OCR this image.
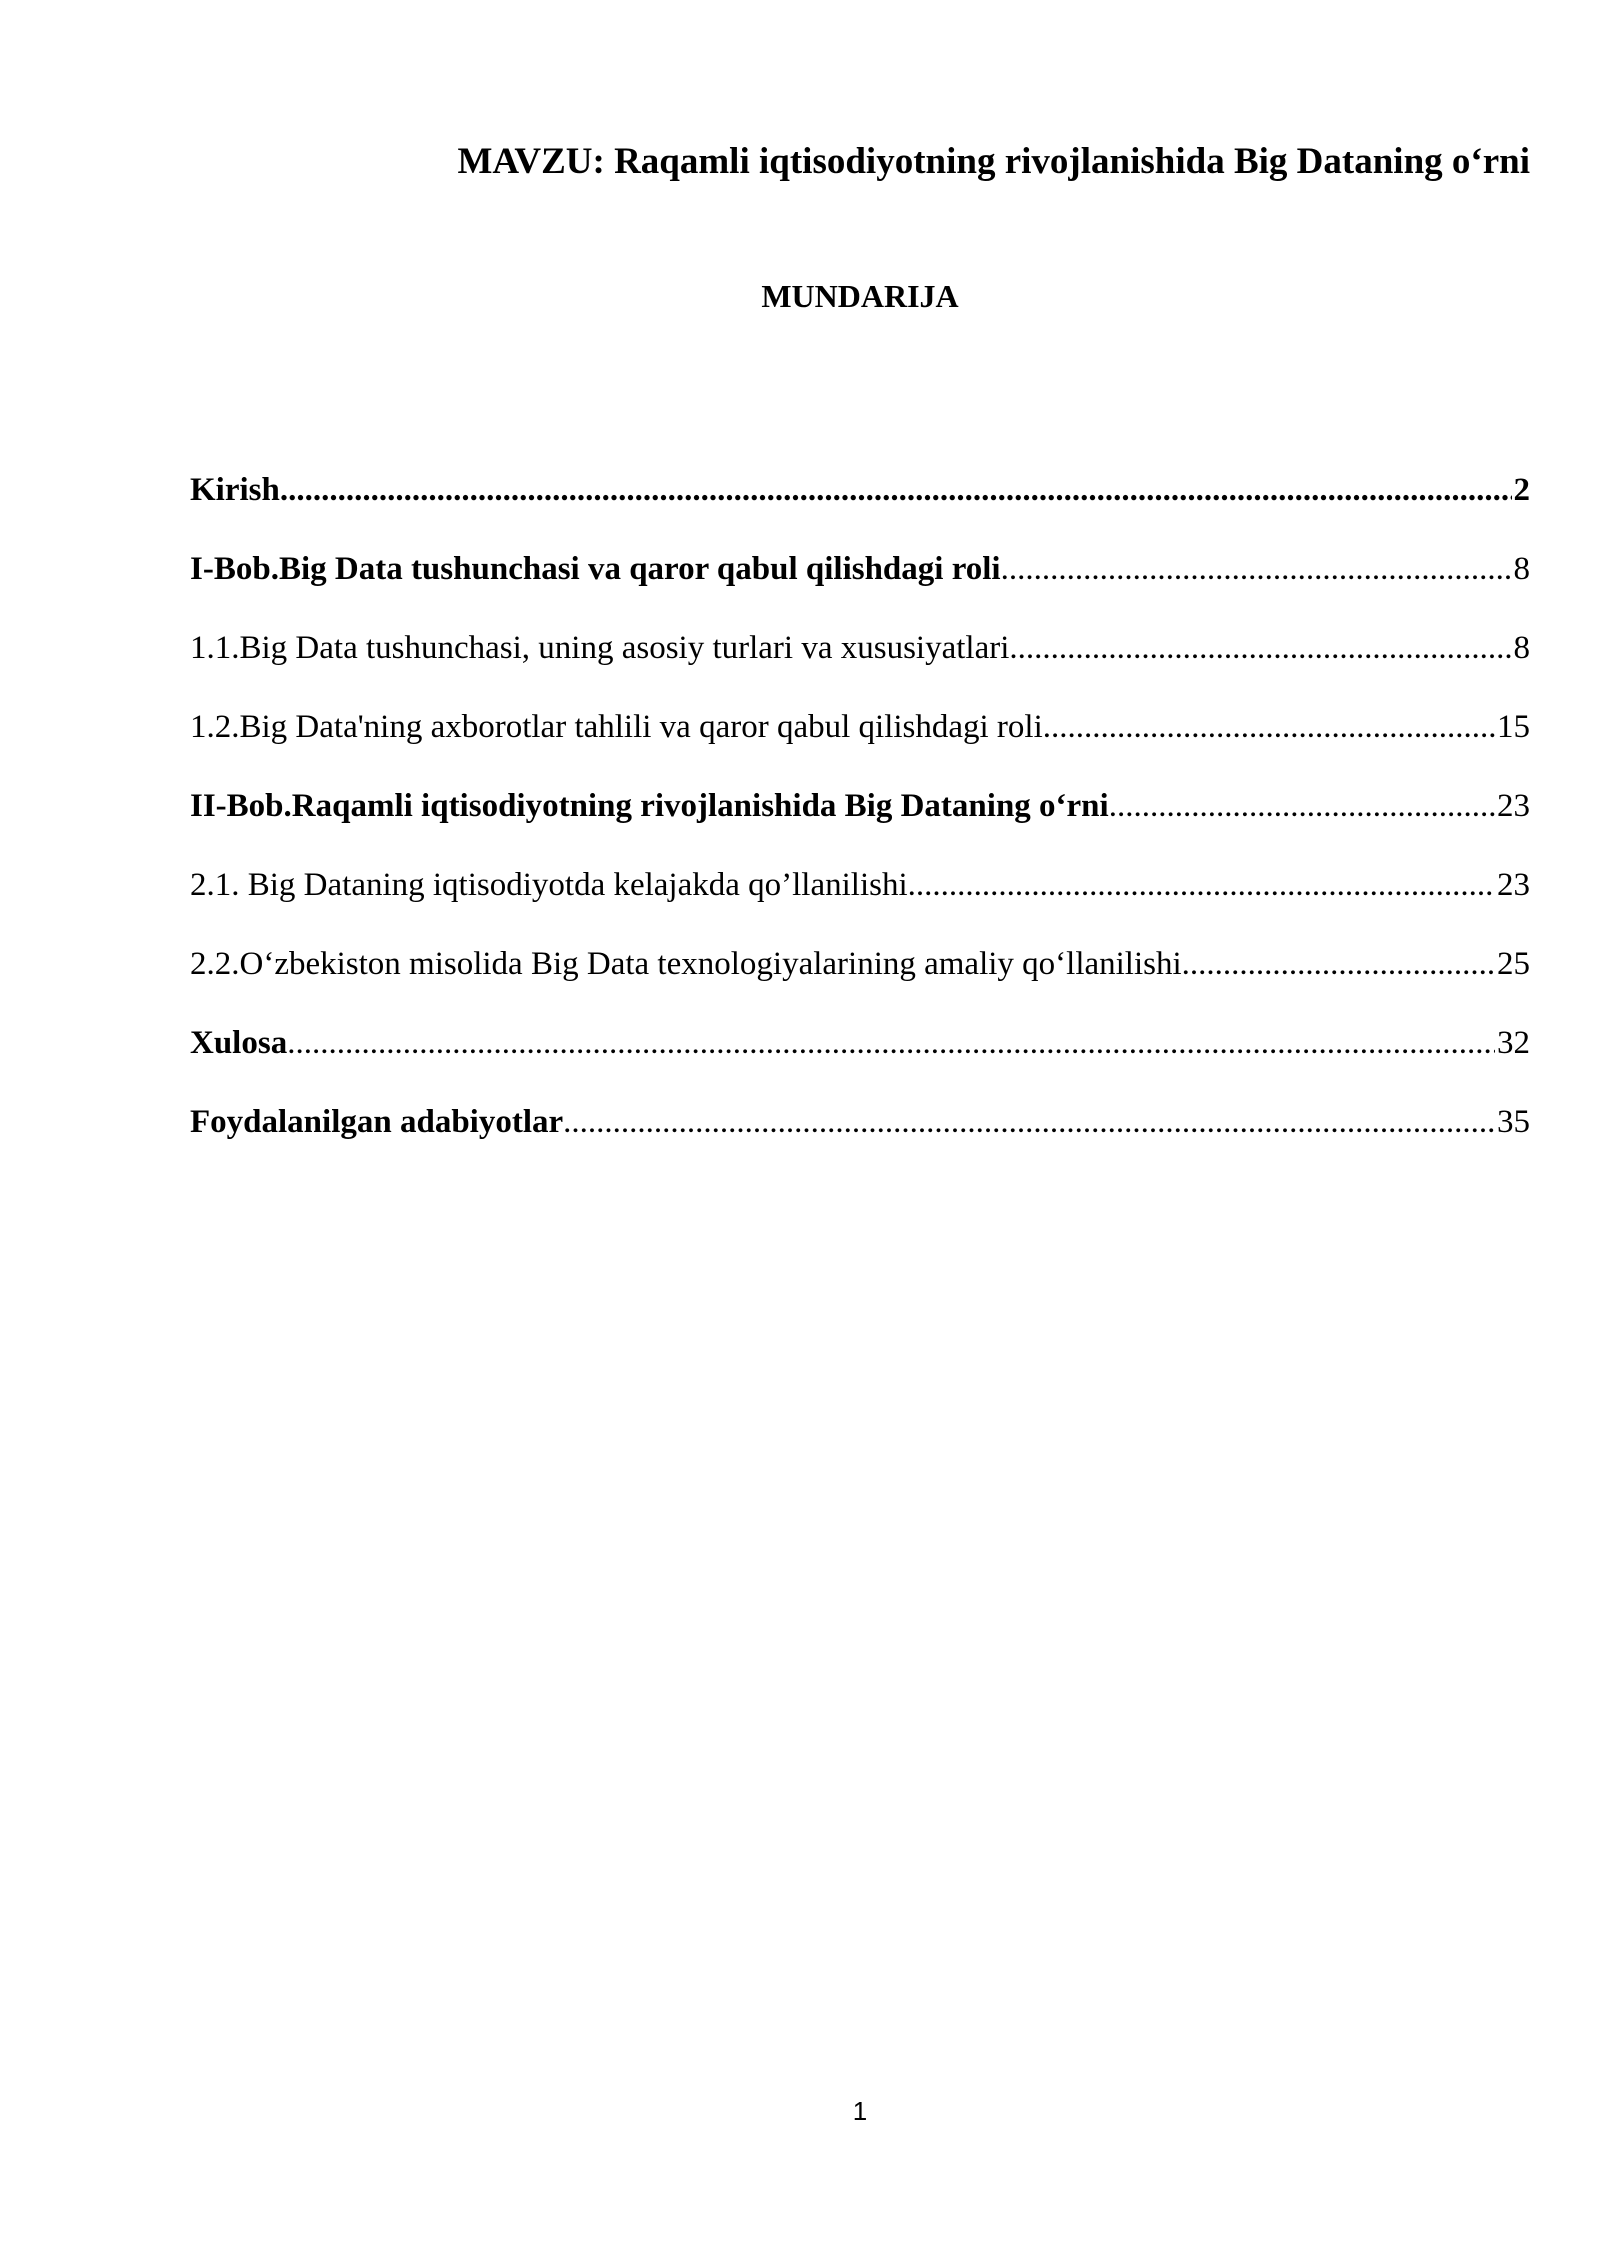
MAVZU: Raqamli iqtisodiyotning rivojlanishida Big Dataning o‘rni
MUNDARIJA
Kirish .....	2
I-Bob.Big Data tushunchasi va qaror qabul qilishdagi roli .....	8
1.1.Big Data tushunchasi, uning asosiy turlari va xususiyatlari .....	8
1.2.Big Data'ning axborotlar tahlili va qaror qabul qilishdagi roli .....	15
II-Bob.Raqamli iqtisodiyotning rivojlanishida Big Dataning o‘rni .....	23
2.1. Big Dataning iqtisodiyotda kelajakda qo’llanilishi .....	23
2.2.O‘zbekiston misolida Big Data texnologiyalarining amaliy qo‘llanilishi .....	25
Xulosa .....	32
Foydalanilgan adabiyotlar .....	35
1
